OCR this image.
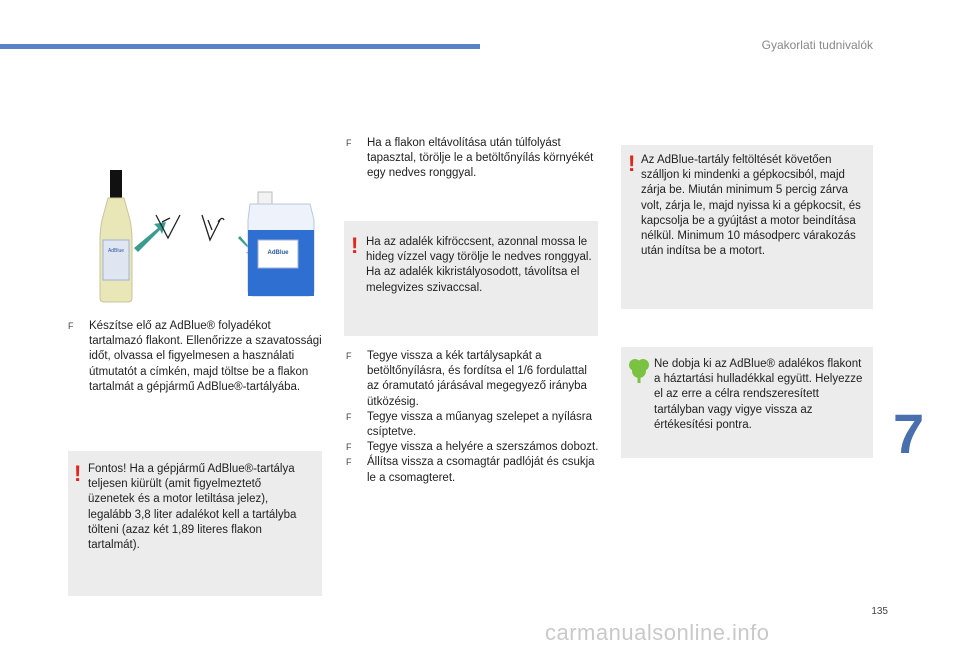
Gyakorlati tudnivalók
7
135
carmanualsonline.info
AdBlue	AdBlue
F	Készítse elő az AdBlue® folyadékot tartalmazó flakont. Ellenőrizze a szavatossági időt, olvassa el figyelmesen a használati útmutatót a címkén, majd töltse be a flakon tartalmát a gépjármű AdBlue®-tartályába.
! Fontos! Ha a gépjármű AdBlue®-tartálya teljesen kiürült (amit figyelmeztető üzenetek és a motor letiltása jelez), legalább 3,8 liter adalékot kell a tartályba tölteni (azaz két 1,89 literes flakon tartalmát).
F	Ha a flakon eltávolítása után túlfolyást tapasztal, törölje le a betöltőnyílás környékét egy nedves ronggyal.
! Ha az adalék kifröccsent, azonnal mossa le hideg vízzel vagy törölje le nedves ronggyal. Ha az adalék kikristályosodott, távolítsa el melegvizes szivaccsal.
F	Tegye vissza a kék tartálysapkát a betöltőnyílásra, és fordítsa el 1/6 fordulattal az óramutató járásával megegyező irányba ütközésig.
F	Tegye vissza a műanyag szelepet a nyílásra csíptetve.
F	Tegye vissza a helyére a szerszámos dobozt.
F	Állítsa vissza a csomagtár padlóját és csukja le a csomagteret.
! Az AdBlue-tartály feltöltését követően szálljon ki mindenki a gépkocsiból, majd zárja be. Miután minimum 5 percig zárva volt, zárja le, majd nyissa ki a gépkocsit, és kapcsolja be a gyújtást a motor beindítása nélkül. Minimum 10 másodperc várakozás után indítsa be a motort.
Ne dobja ki az AdBlue® adalékos flakont a háztartási hulladékkal együtt. Helyezze el az erre a célra rendszeresített tartályban vagy vigye vissza az értékesítési pontra.
